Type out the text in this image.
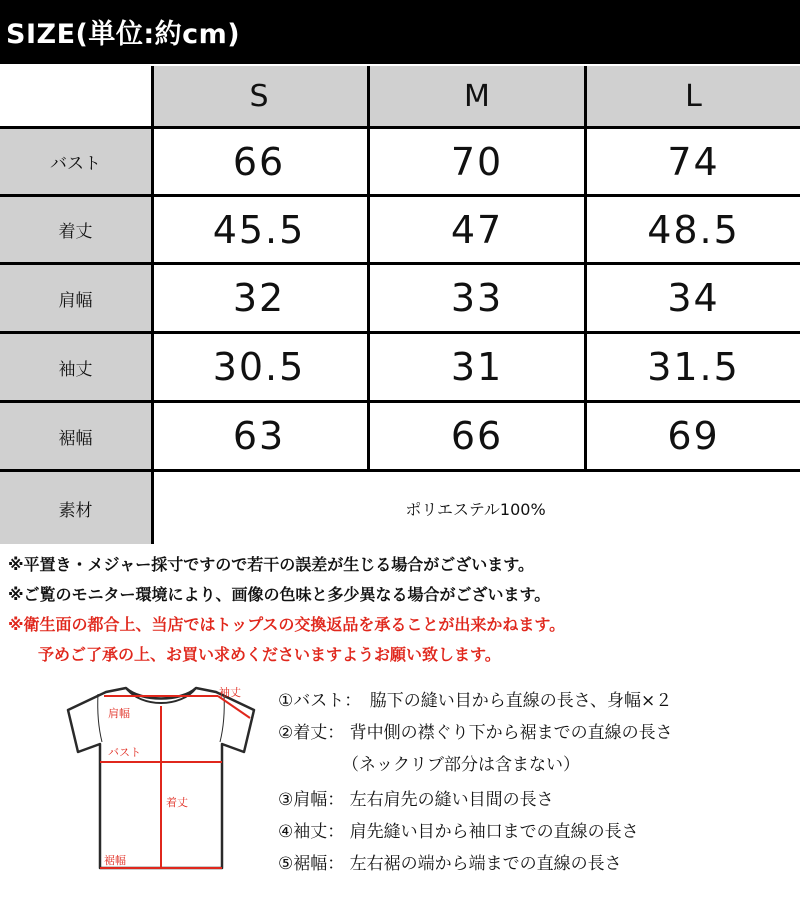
SIZE(単位:約cm)
S	M	L
バスト	66	70	74
着丈	45.5	47	48.5
肩幅	32	33	34
袖丈	30.5	31	31.5
裾幅	63	66	69
素材	ポリエステル100%
※平置き・メジャー採寸ですので若干の誤差が生じる場合がございます。
※ご覧のモニター環境により、画像の色味と多少異なる場合がございます。
※衛生面の都合上、当店ではトップスの交換返品を承ることが出来かねます。
予めご了承の上、お買い求めくださいますようお願い致します。
袖丈
肩幅
バスト
着丈
裾幅
①バスト：　脇下の縫い目から直線の長さ、身幅×２
②着丈： 背中側の襟ぐり下から裾までの直線の長さ
（ネックリブ部分は含まない）
③肩幅： 左右肩先の縫い目間の長さ
④袖丈： 肩先縫い目から袖口までの直線の長さ
⑤裾幅： 左右裾の端から端までの直線の長さ
